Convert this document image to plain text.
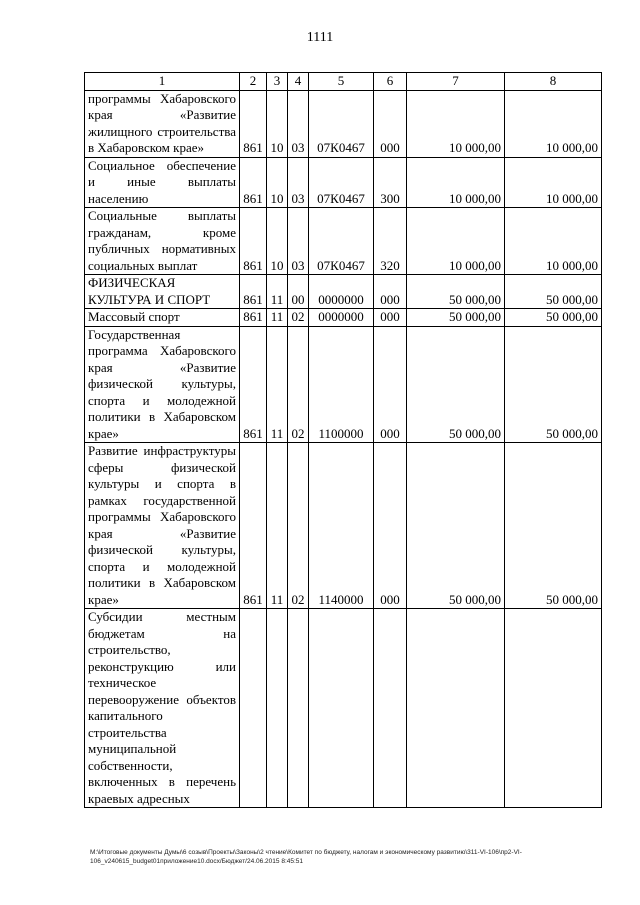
1111
1	2	3	4	5	6	7	8
программы Хабаровского края «Развитие жилищного строительства в Хабаровском крае»	861	10	03	07К0467	000	10 000,00	10 000,00
Социальное обеспечение и иные выплаты населению	861	10	03	07К0467	300	10 000,00	10 000,00
Социальные выплаты гражданам, кроме публичных нормативных социальных выплат	861	10	03	07К0467	320	10 000,00	10 000,00
ФИЗИЧЕСКАЯ КУЛЬТУРА И СПОРТ	861	11	00	0000000	000	50 000,00	50 000,00
Массовый спорт	861	11	02	0000000	000	50 000,00	50 000,00
Государственная программа Хабаровского края «Развитие физической культуры, спорта и молодежной политики в Хабаровском крае»	861	11	02	1100000	000	50 000,00	50 000,00
Развитие инфраструктуры сферы физической культуры и спорта в рамках государственной программы Хабаровского края «Развитие физической культуры, спорта и молодежной политики в Хабаровском крае»	861	11	02	1140000	000	50 000,00	50 000,00
Субсидии местным бюджетам на строительство, реконструкцию или техническое перевооружение объектов капитального строительства муниципальной собственности, включенных в перечень краевых адресных							
M:\Итоговые документы Думы\6 созыв\Проекты\Законы\2 чтение\Комитет по бюджету, налогам и экономическому развитию\311-VI-106\пр2-VI-
106_v240615_budget01приложение10.docx/Бюджет/24.06.2015 8:45:51
